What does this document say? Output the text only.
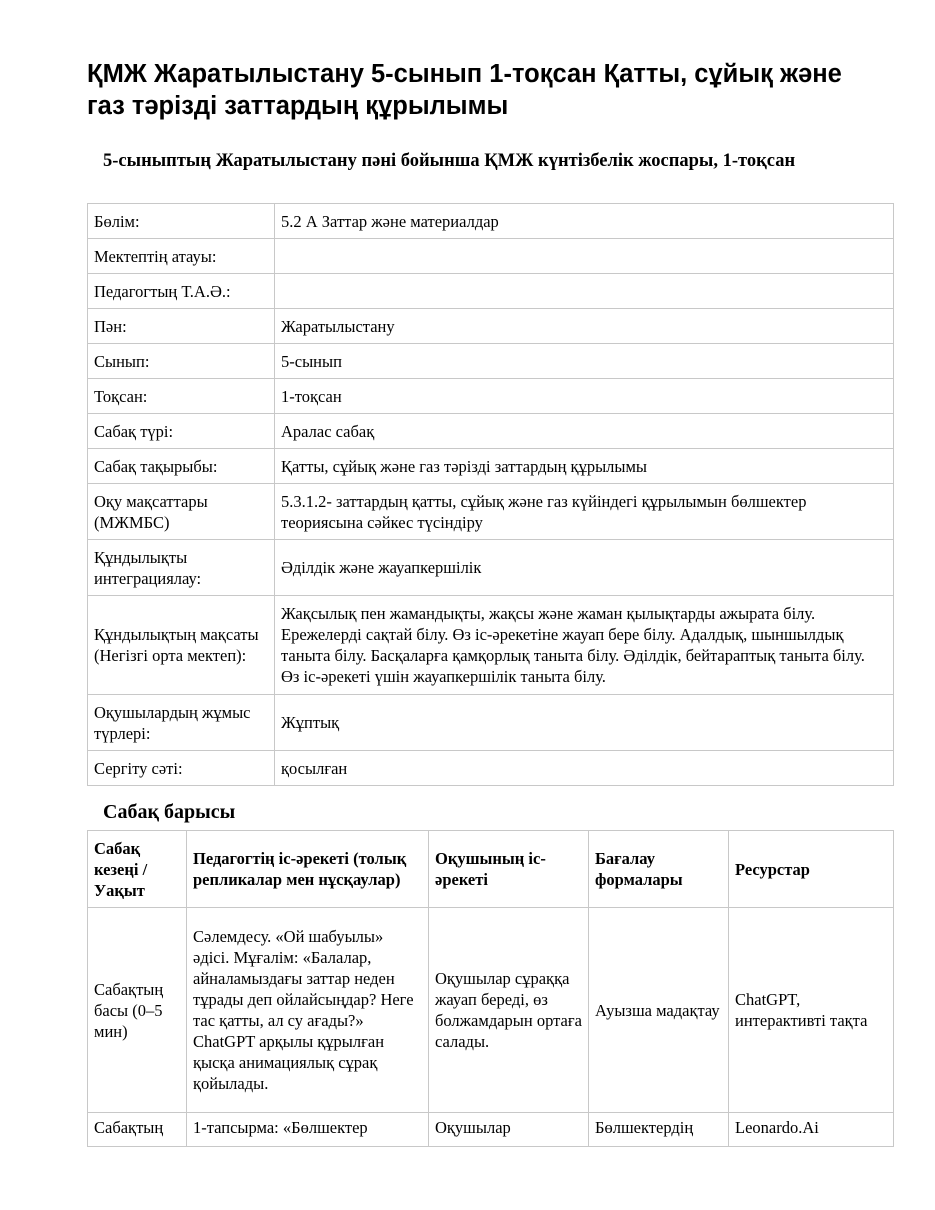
ҚМЖ Жаратылыстану 5-сынып 1-тоқсан Қатты, сұйық және газ тәрізді заттардың құрылымы
5-сыныптың Жаратылыстану пәні бойынша ҚМЖ күнтізбелік жоспары, 1-тоқсан
Бөлім:	5.2 А Заттар және материалдар
Мектептің атауы:	
Педагогтың Т.А.Ә.:	
Пән:	Жаратылыстану
Сынып:	5-сынып
Тоқсан:	1-тоқсан
Сабақ түрі:	Аралас сабақ
Сабақ тақырыбы:	Қатты, сұйық және газ тәрізді заттардың құрылымы
Оқу мақсаттары (МЖМБС)	5.3.1.2- заттардың қатты, сұйық және газ күйіндегі құрылымын бөлшектер теориясына сәйкес түсіндіру
Құндылықты интеграциялау:	Әділдік және жауапкершілік
Құндылықтың мақсаты (Негізгі орта мектеп):	Жақсылық пен жамандықты, жақсы және жаман қылықтарды ажырата білу. Ережелерді сақтай білу. Өз іс-әрекетіне жауап бере білу. Адалдық, шыншылдық таныта білу. Басқаларға қамқорлық таныта білу. Әділдік, бейтараптық таныта білу. Өз іс-әрекеті үшін жауапкершілік таныта білу.
Оқушылардың жұмыс түрлері:	Жұптық
Сергіту сәті:	қосылған
Сабақ барысы
Сабақ кезеңі / Уақыт	Педагогтің іс-әрекеті (толық репликалар мен нұсқаулар)	Оқушының іс-әрекеті	Бағалау формалары	Ресурстар
Сабақтың басы (0–5 мин)	Сәлемдесу. «Ой шабуылы» әдісі. Мұғалім: «Балалар, айналамыздағы заттар неден тұрады деп ойлайсыңдар? Неге тас қатты, ал су ағады?» ChatGPT арқылы құрылған қысқа анимациялық сұрақ қойылады.	Оқушылар сұраққа жауап береді, өз болжамдарын ортаға салады.	Ауызша мадақтау	ChatGPT, интерактивті тақта
Сабақтың	1-тапсырма: «Бөлшектер	Оқушылар	Бөлшектердің	Leonardo.Ai
